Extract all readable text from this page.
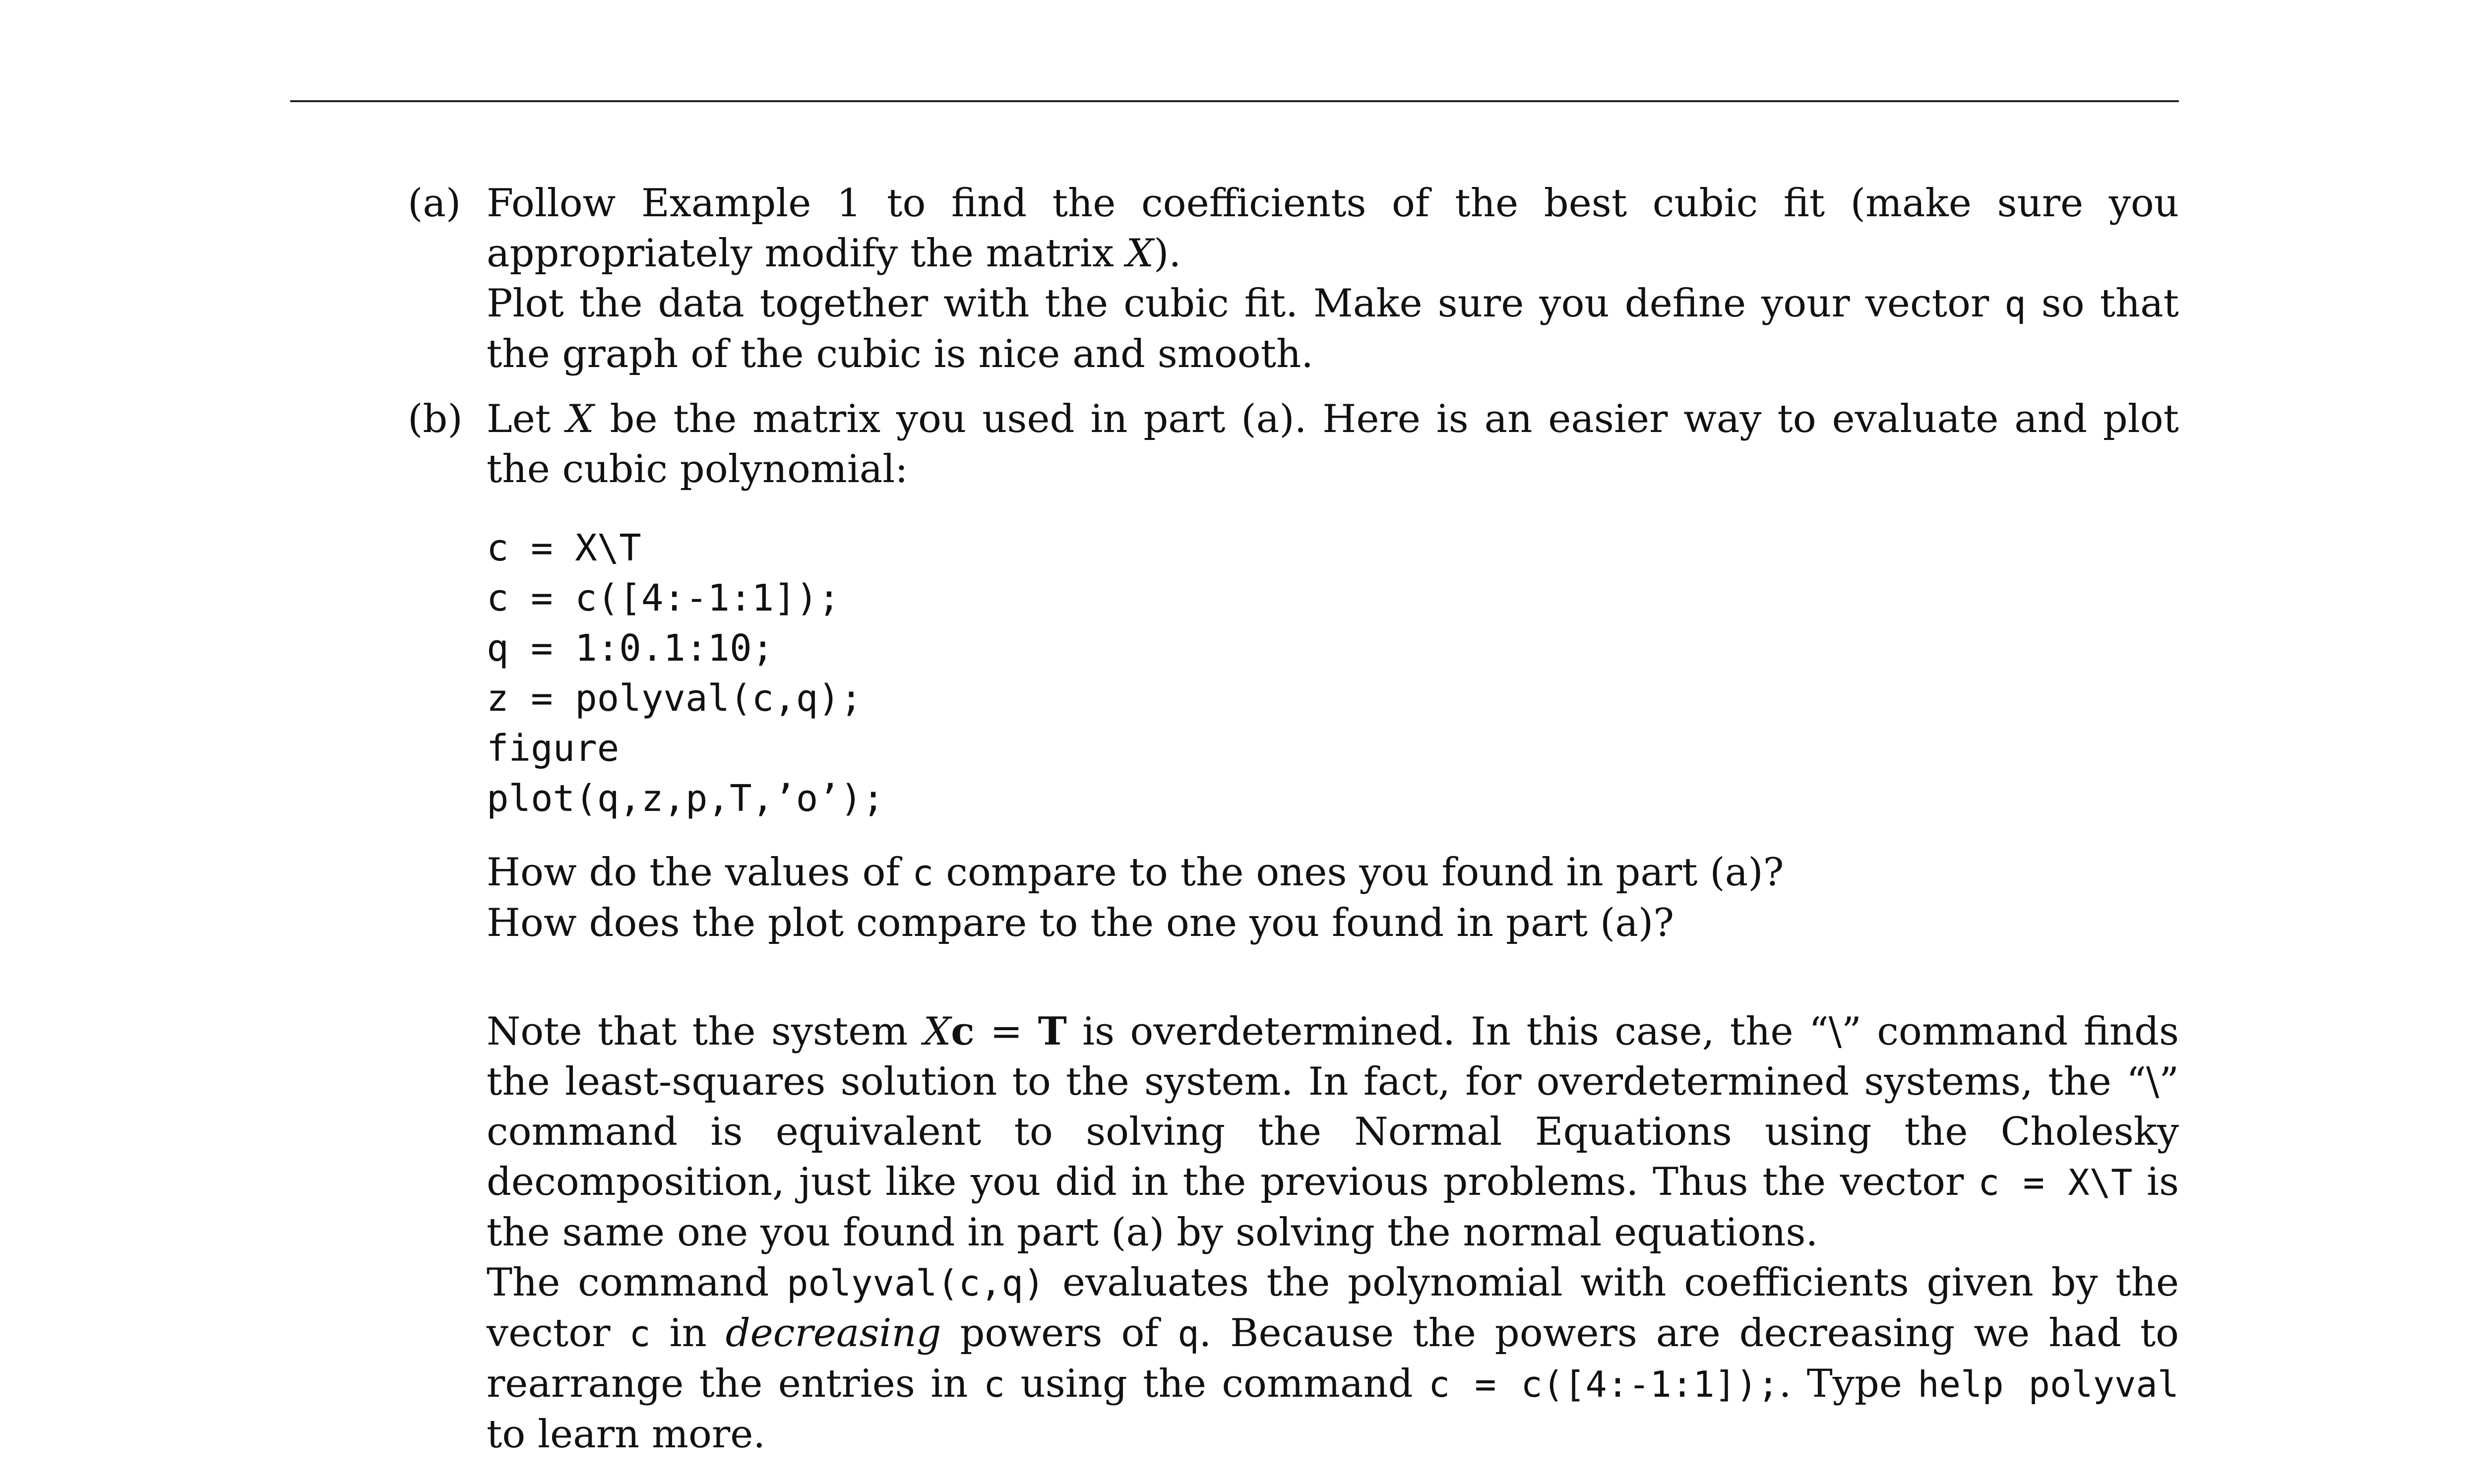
(a) Follow Example 1 to find the coefficients of the best cubic fit (make sure you appropriately modify the matrix X).

Plot the data together with the cubic fit. Make sure you define your vector q so that the graph of the cubic is nice and smooth.

(b) Let X be the matrix you used in part (a). Here is an easier way to evaluate and plot the cubic polynomial:

c = X\T
c = c([4:-1:1]);
q = 1:0.1:10;
z = polyval(c,q);
figure
plot(q,z,p,T,’o’);

How do the values of c compare to the ones you found in part (a)?

How does the plot compare to the one you found in part (a)?

Note that the system Xc = T is overdetermined. In this case, the “\” command finds the least-squares solution to the system. In fact, for overdetermined systems, the “\” command is equivalent to solving the Normal Equations using the Cholesky decomposition, just like you did in the previous problems. Thus the vector c = X\T is the same one you found in part (a) by solving the normal equations.

The command polyval(c,q) evaluates the polynomial with coefficients given by the vector c in decreasing powers of q. Because the powers are decreasing we had to rearrange the entries in c using the command c = c([4:-1:1]);. Type help polyval to learn more.
